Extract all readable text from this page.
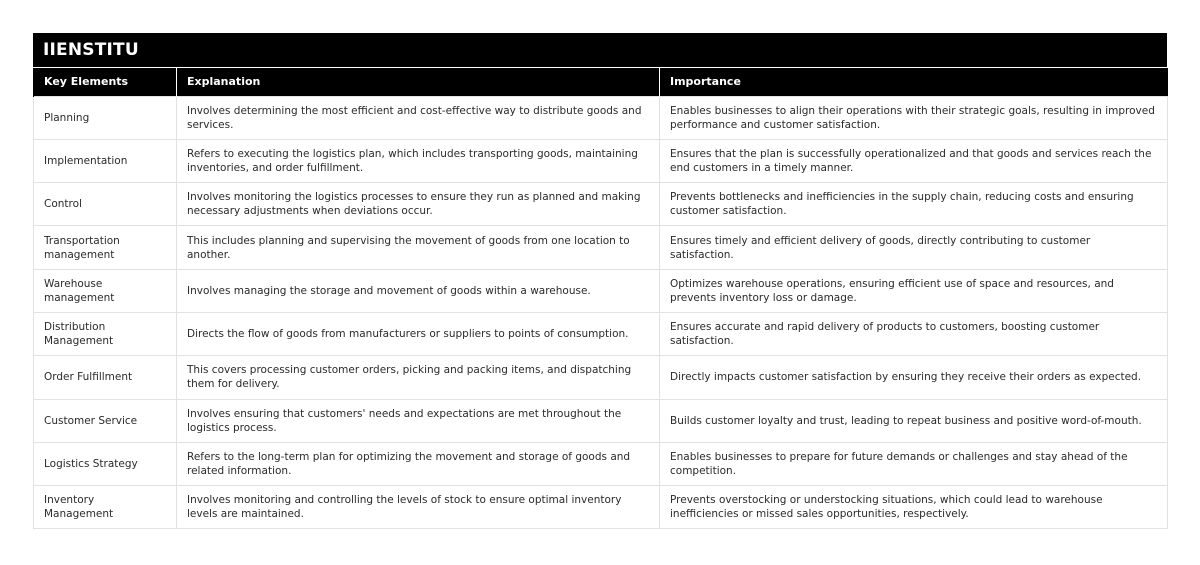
IIENSTITU
Key Elements	Explanation	Importance
Planning	Involves determining the most efficient and cost-effective way to distribute goods and services.	Enables businesses to align their operations with their strategic goals, resulting in improved performance and customer satisfaction.
Implementation	Refers to executing the logistics plan, which includes transporting goods, maintaining inventories, and order fulfillment.	Ensures that the plan is successfully operationalized and that goods and services reach the end customers in a timely manner.
Control	Involves monitoring the logistics processes to ensure they run as planned and making necessary adjustments when deviations occur.	Prevents bottlenecks and inefficiencies in the supply chain, reducing costs and ensuring customer satisfaction.
Transportation management	This includes planning and supervising the movement of goods from one location to another.	Ensures timely and efficient delivery of goods, directly contributing to customer satisfaction.
Warehouse management	Involves managing the storage and movement of goods within a warehouse.	Optimizes warehouse operations, ensuring efficient use of space and resources, and prevents inventory loss or damage.
Distribution Management	Directs the flow of goods from manufacturers or suppliers to points of consumption.	Ensures accurate and rapid delivery of products to customers, boosting customer satisfaction.
Order Fulfillment	This covers processing customer orders, picking and packing items, and dispatching them for delivery.	Directly impacts customer satisfaction by ensuring they receive their orders as expected.
Customer Service	Involves ensuring that customers' needs and expectations are met throughout the logistics process.	Builds customer loyalty and trust, leading to repeat business and positive word-of-mouth.
Logistics Strategy	Refers to the long-term plan for optimizing the movement and storage of goods and related information.	Enables businesses to prepare for future demands or challenges and stay ahead of the competition.
Inventory Management	Involves monitoring and controlling the levels of stock to ensure optimal inventory levels are maintained.	Prevents overstocking or understocking situations, which could lead to warehouse inefficiencies or missed sales opportunities, respectively.
